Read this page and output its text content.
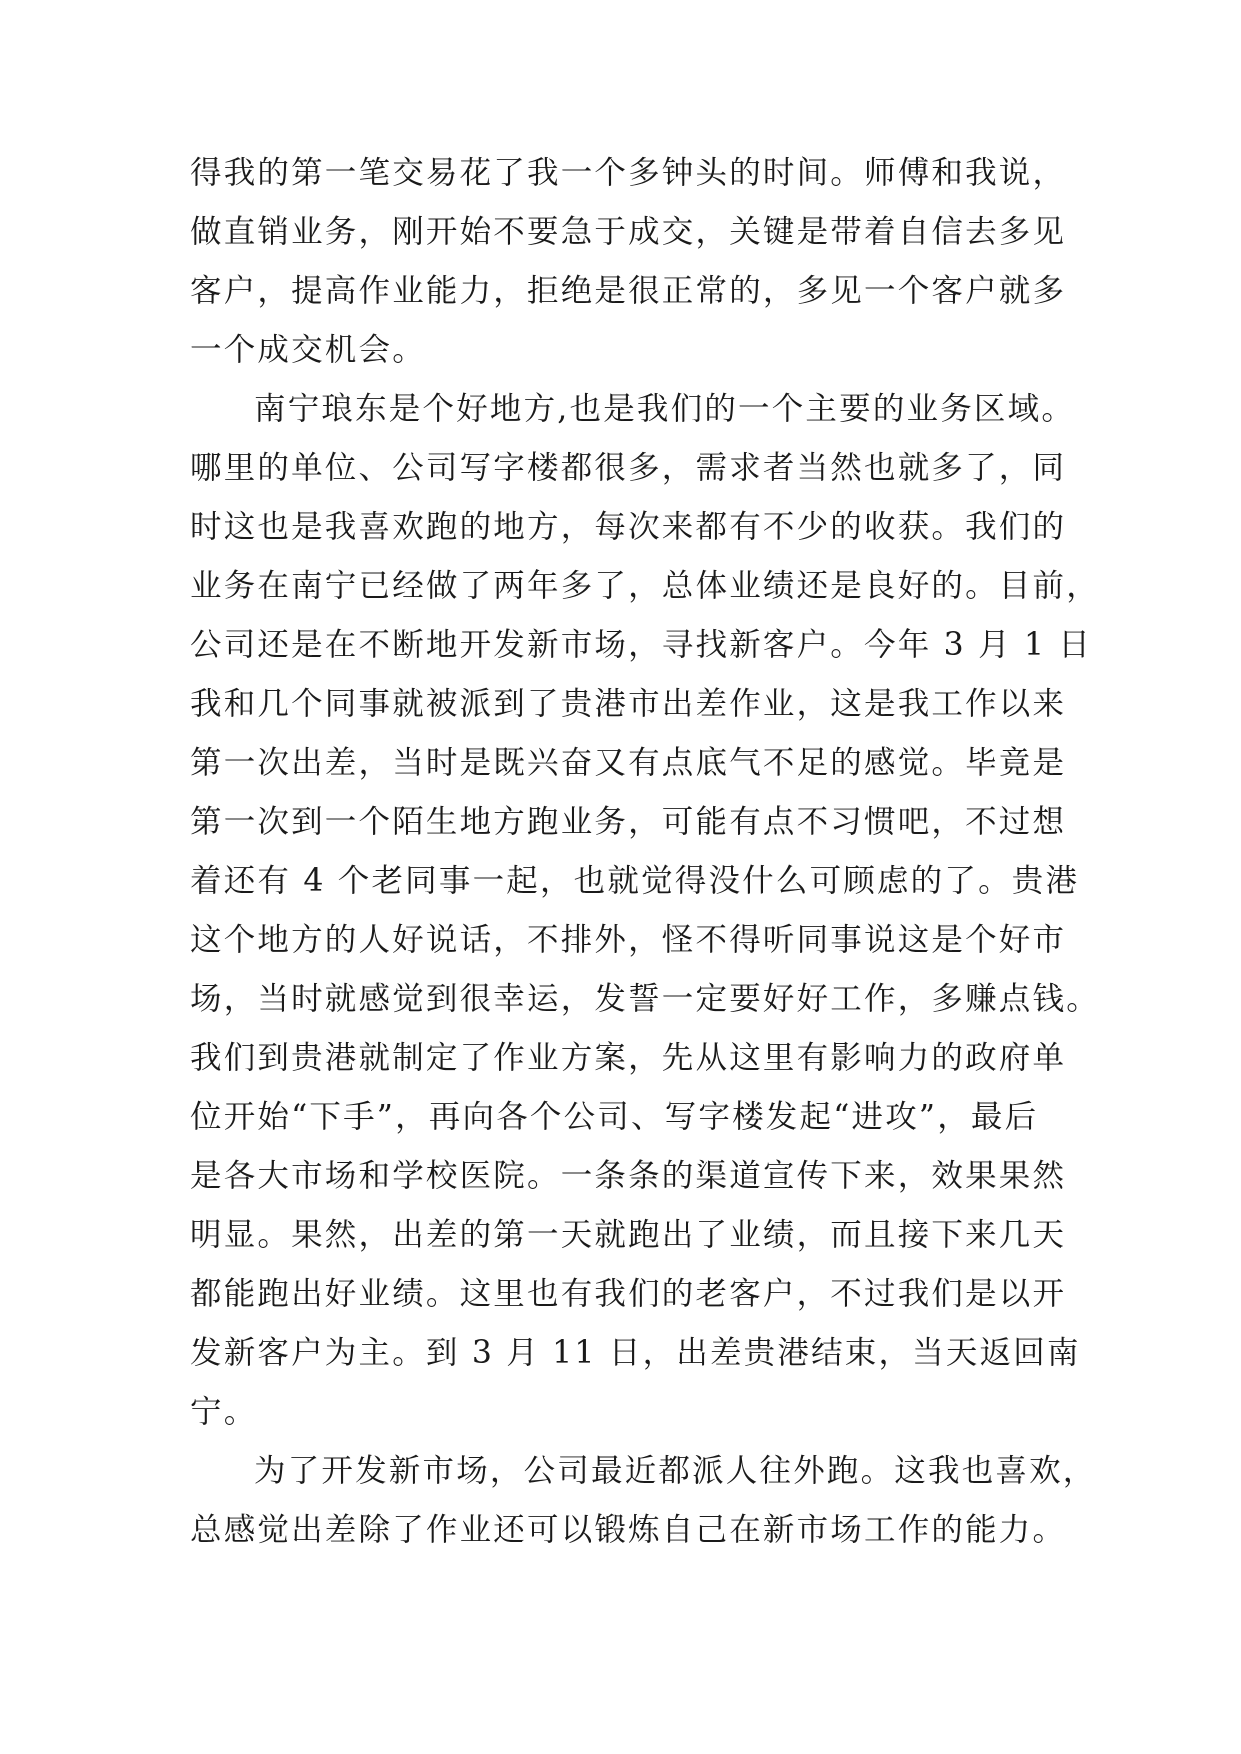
得我的第一笔交易花了我一个多钟头的时间。师傅和我说，
做直销业务，刚开始不要急于成交，关键是带着自信去多见
客户，提高作业能力，拒绝是很正常的，多见一个客户就多
一个成交机会。
南宁琅东是个好地方,也是我们的一个主要的业务区域。
哪里的单位、公司写字楼都很多，需求者当然也就多了，同
时这也是我喜欢跑的地方，每次来都有不少的收获。我们的
业务在南宁已经做了两年多了，总体业绩还是良好的。目前，
公司还是在不断地开发新市场，寻找新客户。今年 3 月 1 日
我和几个同事就被派到了贵港市出差作业，这是我工作以来
第一次出差，当时是既兴奋又有点底气不足的感觉。毕竟是
第一次到一个陌生地方跑业务，可能有点不习惯吧，不过想
着还有 4 个老同事一起，也就觉得没什么可顾虑的了。贵港
这个地方的人好说话，不排外，怪不得听同事说这是个好市
场，当时就感觉到很幸运，发誓一定要好好工作，多赚点钱。
我们到贵港就制定了作业方案，先从这里有影响力的政府单
位开始“下手”，再向各个公司、写字楼发起“进攻”，最后
是各大市场和学校医院。一条条的渠道宣传下来，效果果然
明显。果然，出差的第一天就跑出了业绩，而且接下来几天
都能跑出好业绩。这里也有我们的老客户，不过我们是以开
发新客户为主。到 3 月 11 日，出差贵港结束，当天返回南
宁。
为了开发新市场，公司最近都派人往外跑。这我也喜欢，
总感觉出差除了作业还可以锻炼自己在新市场工作的能力。
